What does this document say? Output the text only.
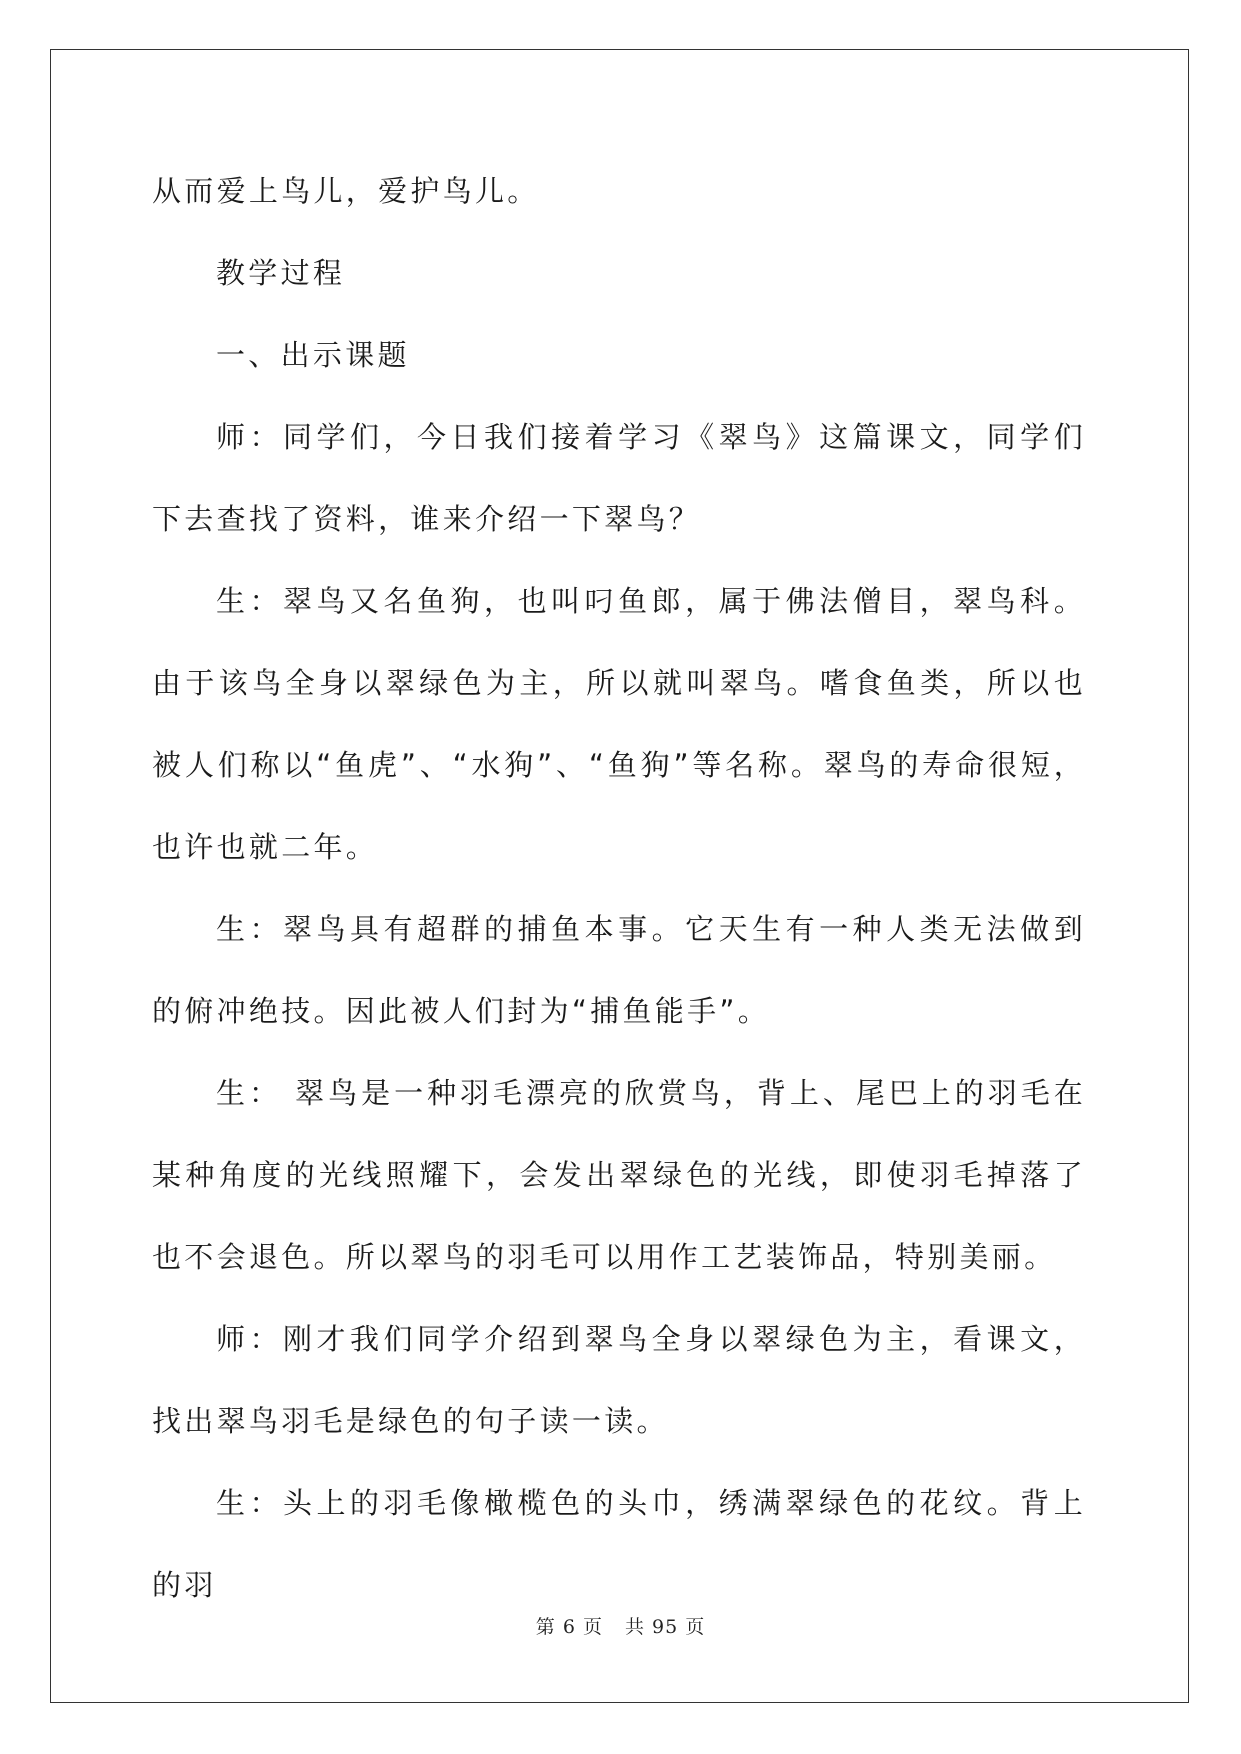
从而爱上鸟儿，爱护鸟儿。

教学过程

一、出示课题

师：同学们，今日我们接着学习《翠鸟》这篇课文，同学们下去查找了资料，谁来介绍一下翠鸟？

生：翠鸟又名鱼狗，也叫叼鱼郎，属于佛法僧目，翠鸟科。由于该鸟全身以翠绿色为主，所以就叫翠鸟。嗜食鱼类，所以也被人们称以“鱼虎”、“水狗”、“鱼狗”等名称。翠鸟的寿命很短，也许也就二年。

生：翠鸟具有超群的捕鱼本事。它天生有一种人类无法做到的俯冲绝技。因此被人们封为“捕鱼能手”。

生： 翠鸟是一种羽毛漂亮的欣赏鸟，背上、尾巴上的羽毛在某种角度的光线照耀下，会发出翠绿色的光线，即使羽毛掉落了也不会退色。所以翠鸟的羽毛可以用作工艺装饰品，特别美丽。

师：刚才我们同学介绍到翠鸟全身以翠绿色为主，看课文，找出翠鸟羽毛是绿色的句子读一读。

生：头上的羽毛像橄榄色的头巾，绣满翠绿色的花纹。背上的羽

第 6 页 共 95 页
